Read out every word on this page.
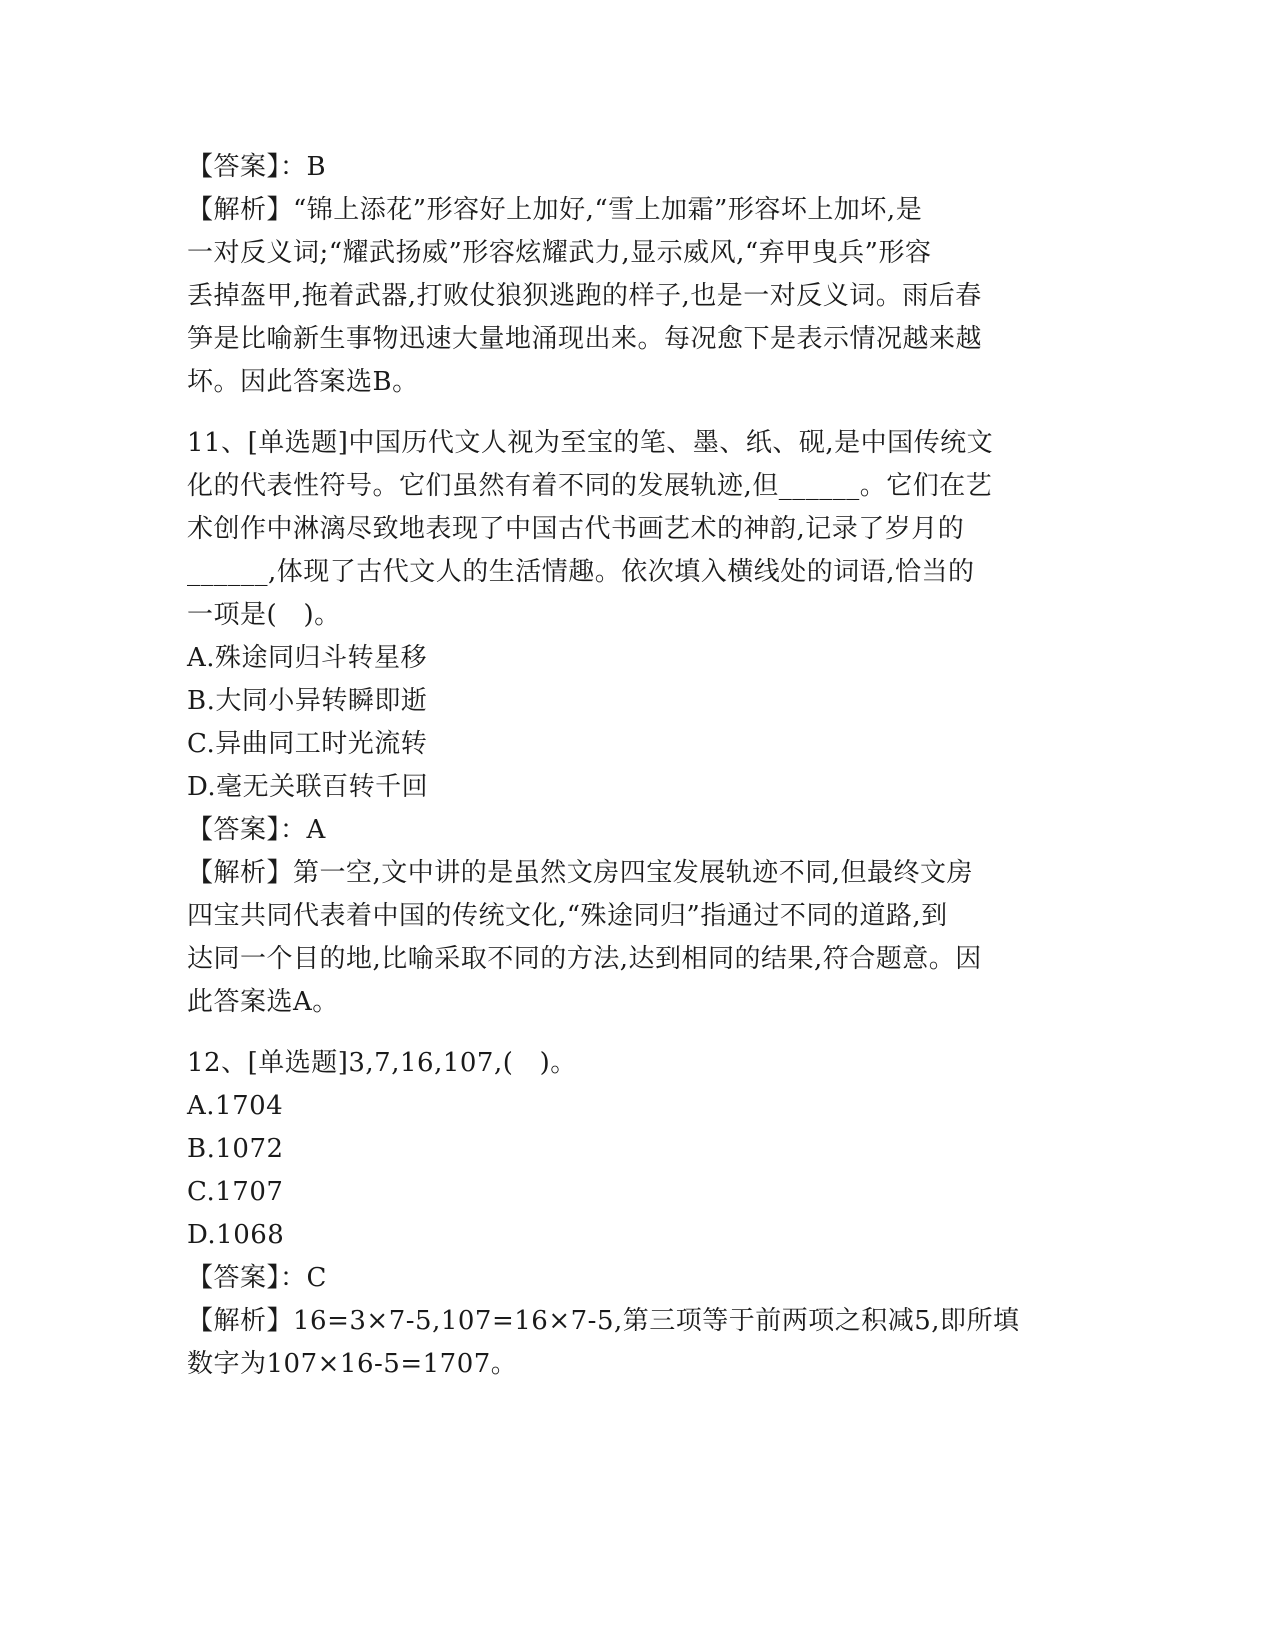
【答案】：B
【解析】“锦上添花”形容好上加好,“雪上加霜”形容坏上加坏,是
一对反义词;“耀武扬威”形容炫耀武力,显示威风,“弃甲曳兵”形容
丢掉盔甲,拖着武器,打败仗狼狈逃跑的样子,也是一对反义词。雨后春
笋是比喻新生事物迅速大量地涌现出来。每况愈下是表示情况越来越
坏。因此答案选B。
11、[单选题]中国历代文人视为至宝的笔、墨、纸、砚,是中国传统文
化的代表性符号。它们虽然有着不同的发展轨迹,但______。它们在艺
术创作中淋漓尽致地表现了中国古代书画艺术的神韵,记录了岁月的
______,体现了古代文人的生活情趣。依次填入横线处的词语,恰当的
一项是(   )。
A.殊途同归斗转星移
B.大同小异转瞬即逝
C.异曲同工时光流转
D.毫无关联百转千回
【答案】：A
【解析】第一空,文中讲的是虽然文房四宝发展轨迹不同,但最终文房
四宝共同代表着中国的传统文化,“殊途同归”指通过不同的道路,到
达同一个目的地,比喻采取不同的方法,达到相同的结果,符合题意。因
此答案选A。
12、[单选题]3,7,16,107,(   )。
A.1704
B.1072
C.1707
D.1068
【答案】：C
【解析】16=3×7-5,107=16×7-5,第三项等于前两项之积减5,即所填
数字为107×16-5=1707。
